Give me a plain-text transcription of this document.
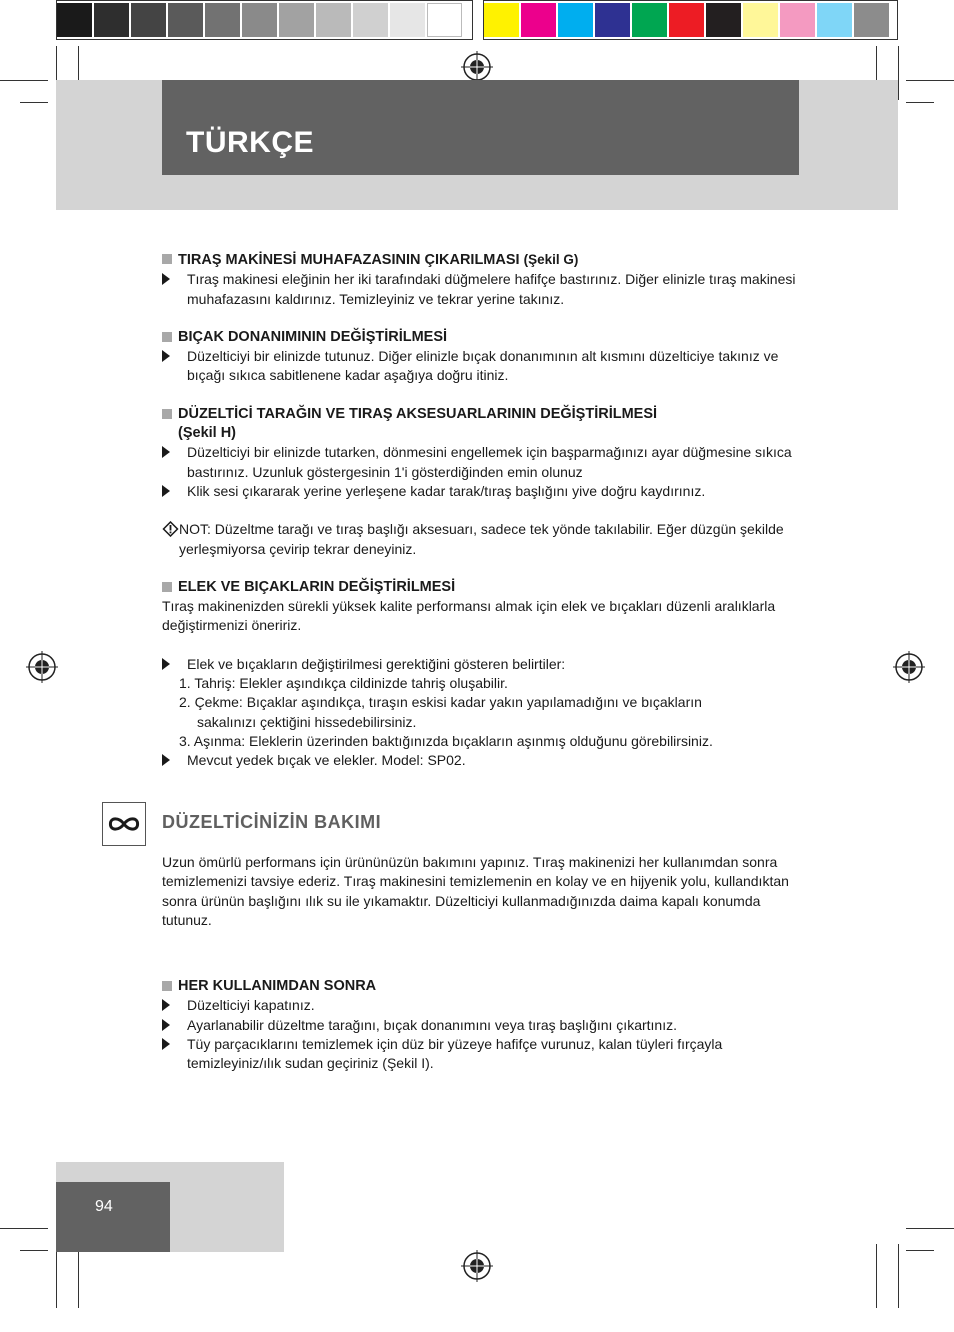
TÜRKÇE
TIRAŞ MAKİNESİ MUHAFAZASININ ÇIKARILMASI (Şekil G)
Tıraş makinesi eleğinin her iki tarafındaki düğmelere hafifçe bastırınız. Diğer elinizle tıraş makinesi muhafazasını kaldırınız. Temizleyiniz ve tekrar yerine takınız.
BIÇAK DONANIMININ DEĞİŞTİRİLMESİ
Düzelticiyi bir elinizde tutunuz. Diğer elinizle bıçak donanımının alt kısmını düzelticiye takınız ve bıçağı sıkıca sabitlenene kadar aşağıya doğru itiniz.
DÜZELTİCİ TARAĞIN VE TIRAŞ AKSESUARLARININ DEĞİŞTİRİLMESİ
(Şekil H)
Düzelticiyi bir elinizde tutarken, dönmesini engellemek için başparmağınızı ayar düğmesine sıkıca bastırınız. Uzunluk göstergesinin 1'i gösterdiğinden emin olunuz
Klik sesi çıkararak yerine yerleşene kadar tarak/tıraş başlığını yive doğru kaydırınız.
NOT: Düzeltme tarağı ve tıraş başlığı aksesuarı, sadece tek yönde takılabilir. Eğer düzgün şekilde yerleşmiyorsa çevirip tekrar deneyiniz.
ELEK VE BIÇAKLARIN DEĞİŞTİRİLMESİ
Tıraş makinenizden sürekli yüksek kalite performansı almak için elek ve bıçakları düzenli aralıklarla değiştirmenizi öneririz.
Elek ve bıçakların değiştirilmesi gerektiğini gösteren belirtiler:
1. Tahriş: Elekler aşındıkça cildinizde tahriş oluşabilir.
2. Çekme: Bıçaklar aşındıkça, tıraşın eskisi kadar yakın yapılamadığını ve bıçakların
sakalınızı çektiğini hissedebilirsiniz.
3. Aşınma: Eleklerin üzerinden baktığınızda bıçakların aşınmış olduğunu görebilirsiniz.
Mevcut yedek bıçak ve elekler. Model: SP02.
DÜZELTİCİNİZİN BAKIMI
Uzun ömürlü performans için ürününüzün bakımını yapınız. Tıraş makinenizi her kullanımdan sonra temizlemenizi tavsiye ederiz. Tıraş makinesini temizlemenin en kolay ve en hijyenik yolu, kullandıktan sonra ürünün başlığını ılık su ile yıkamaktır. Düzelticiyi kullanmadığınızda daima kapalı konumda tutunuz.
HER KULLANIMDAN SONRA
Düzelticiyi kapatınız.
Ayarlanabilir düzeltme tarağını, bıçak donanımını veya tıraş başlığını çıkartınız.
Tüy parçacıklarını temizlemek için düz bir yüzeye hafifçe vurunuz, kalan tüyleri fırçayla temizleyiniz/ılık sudan geçiriniz (Şekil I).
94
